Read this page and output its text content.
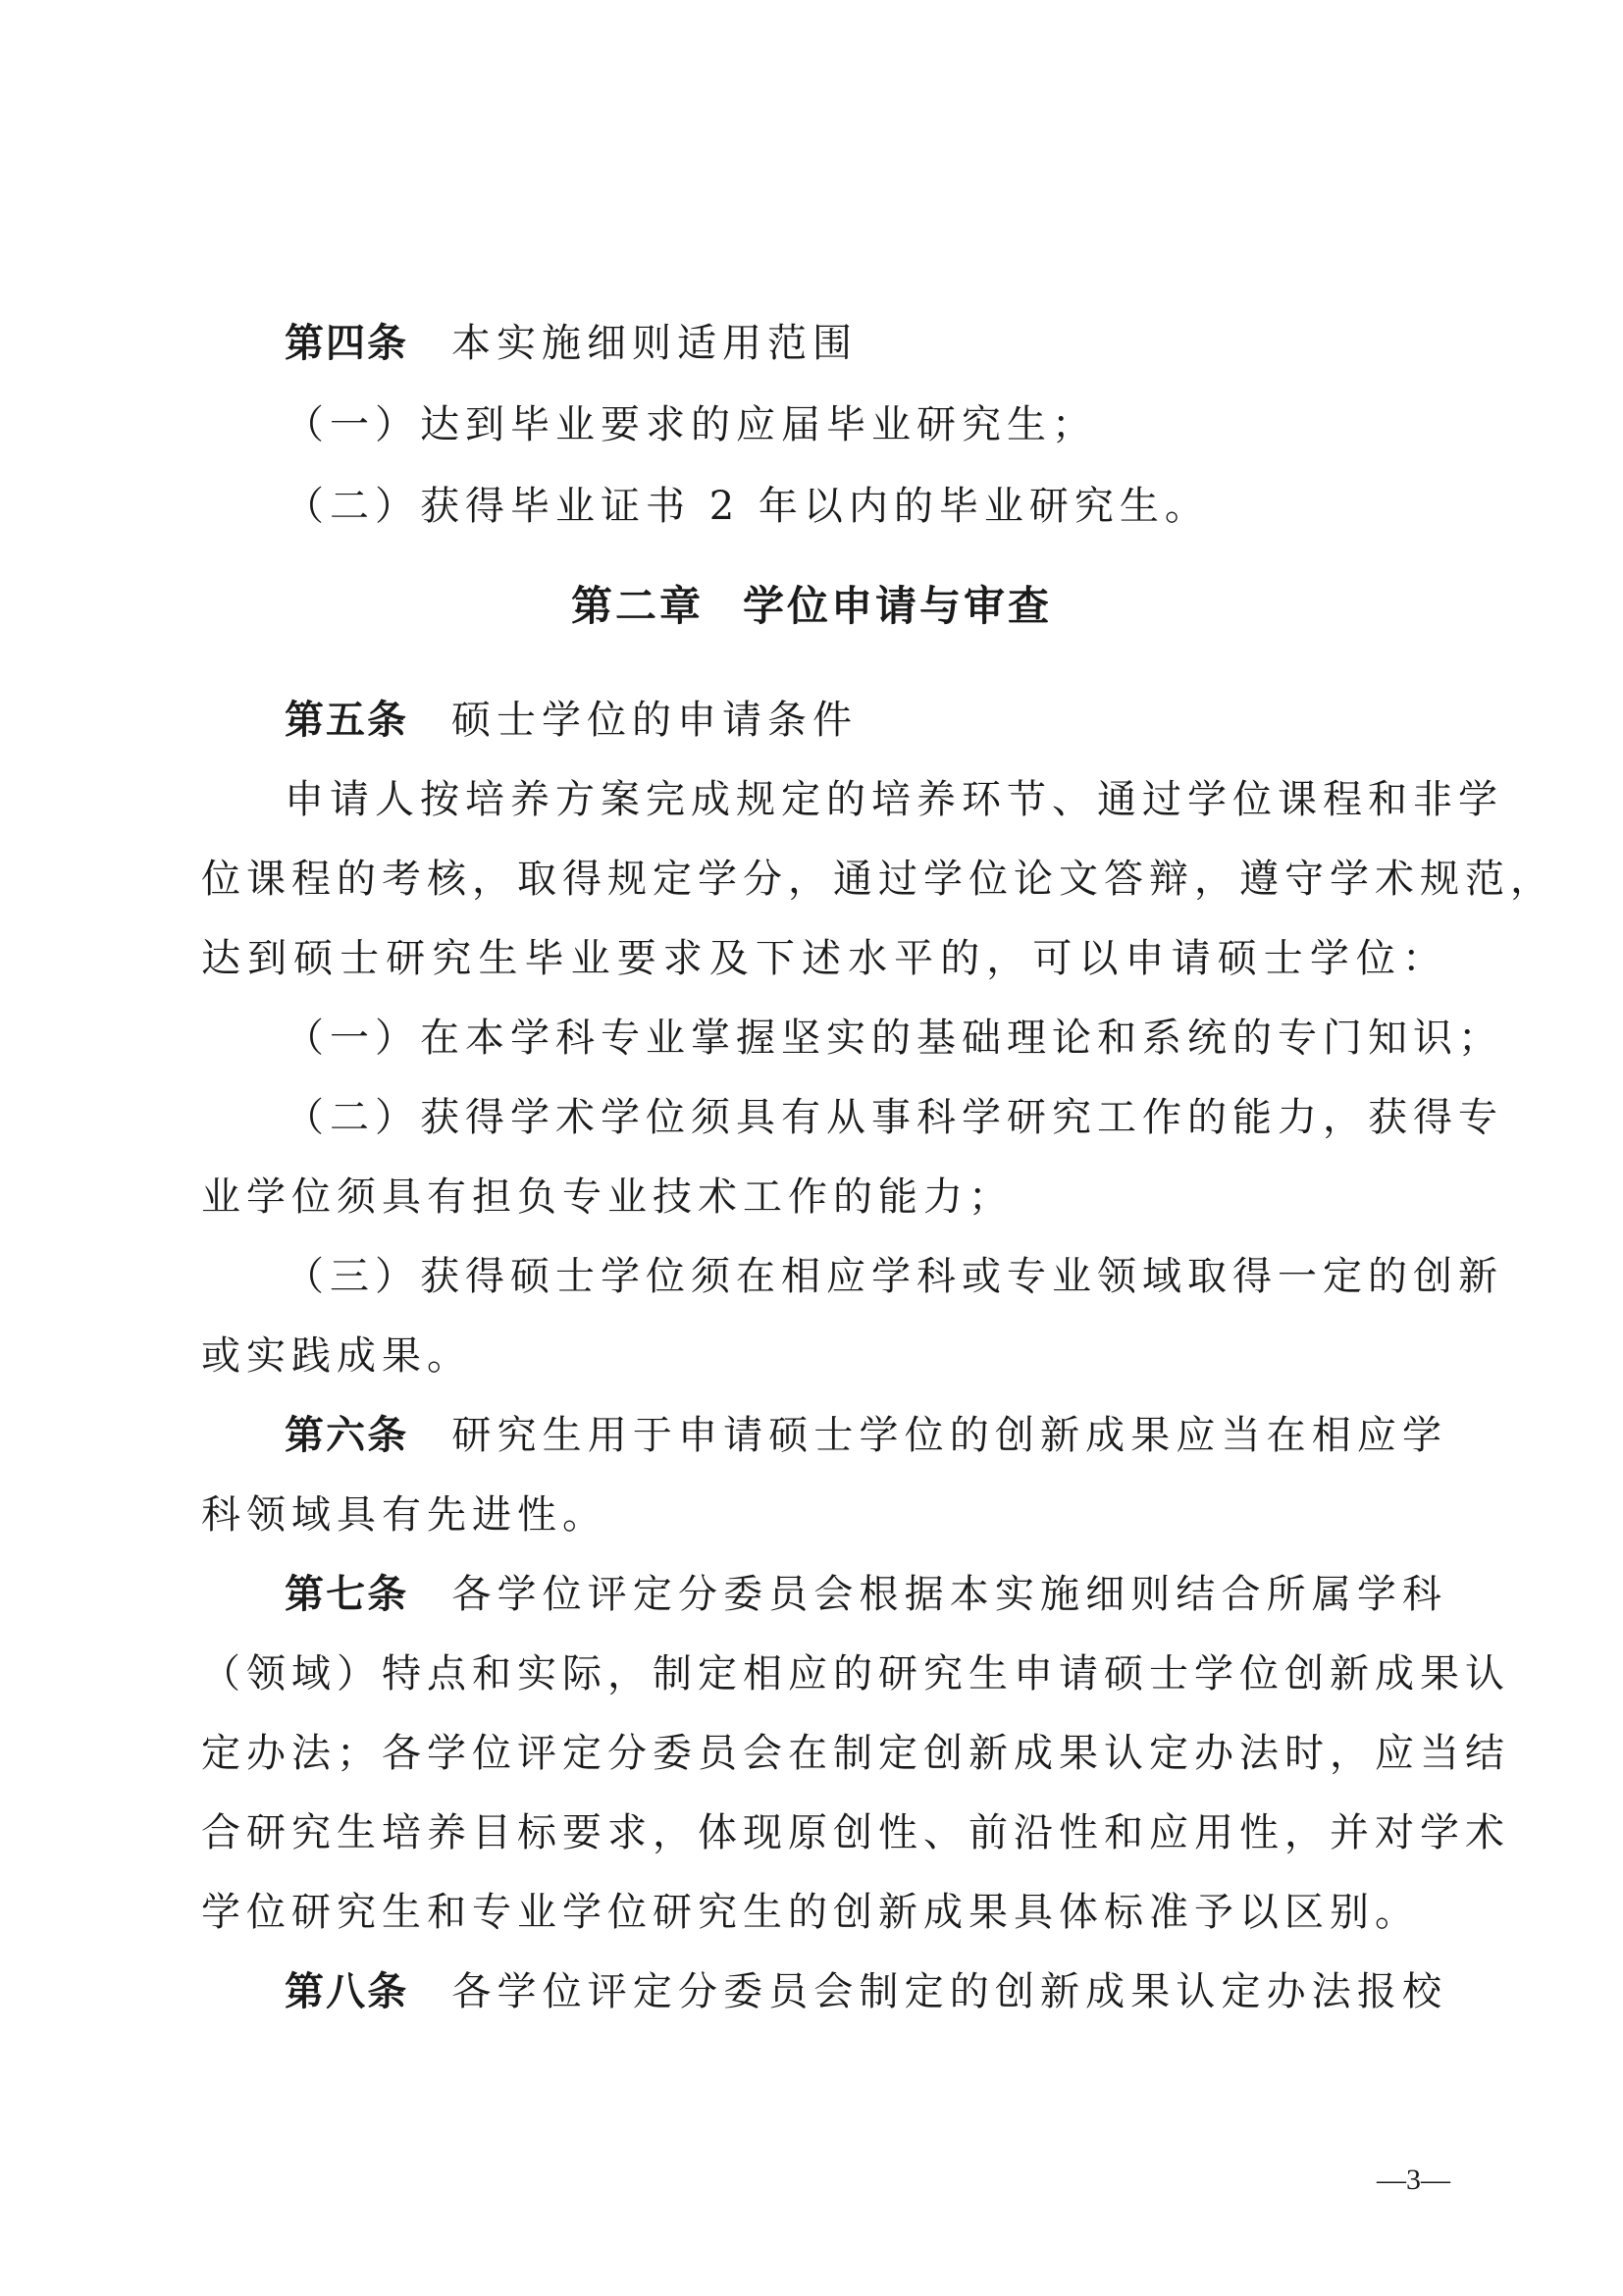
第四条 本实施细则适用范围
（一）达到毕业要求的应届毕业研究生；
（二）获得毕业证书 2 年以内的毕业研究生。
第二章 学位申请与审查
第五条 硕士学位的申请条件
申请人按培养方案完成规定的培养环节、通过学位课程和非学
位课程的考核，取得规定学分，通过学位论文答辩，遵守学术规范，
达到硕士研究生毕业要求及下述水平的，可以申请硕士学位：
（一）在本学科专业掌握坚实的基础理论和系统的专门知识；
（二）获得学术学位须具有从事科学研究工作的能力，获得专
业学位须具有担负专业技术工作的能力；
（三）获得硕士学位须在相应学科或专业领域取得一定的创新
或实践成果。
第六条 研究生用于申请硕士学位的创新成果应当在相应学
科领域具有先进性。
第七条 各学位评定分委员会根据本实施细则结合所属学科
（领域）特点和实际，制定相应的研究生申请硕士学位创新成果认
定办法；各学位评定分委员会在制定创新成果认定办法时，应当结
合研究生培养目标要求，体现原创性、前沿性和应用性，并对学术
学位研究生和专业学位研究生的创新成果具体标准予以区别。
第八条 各学位评定分委员会制定的创新成果认定办法报校
—3—
